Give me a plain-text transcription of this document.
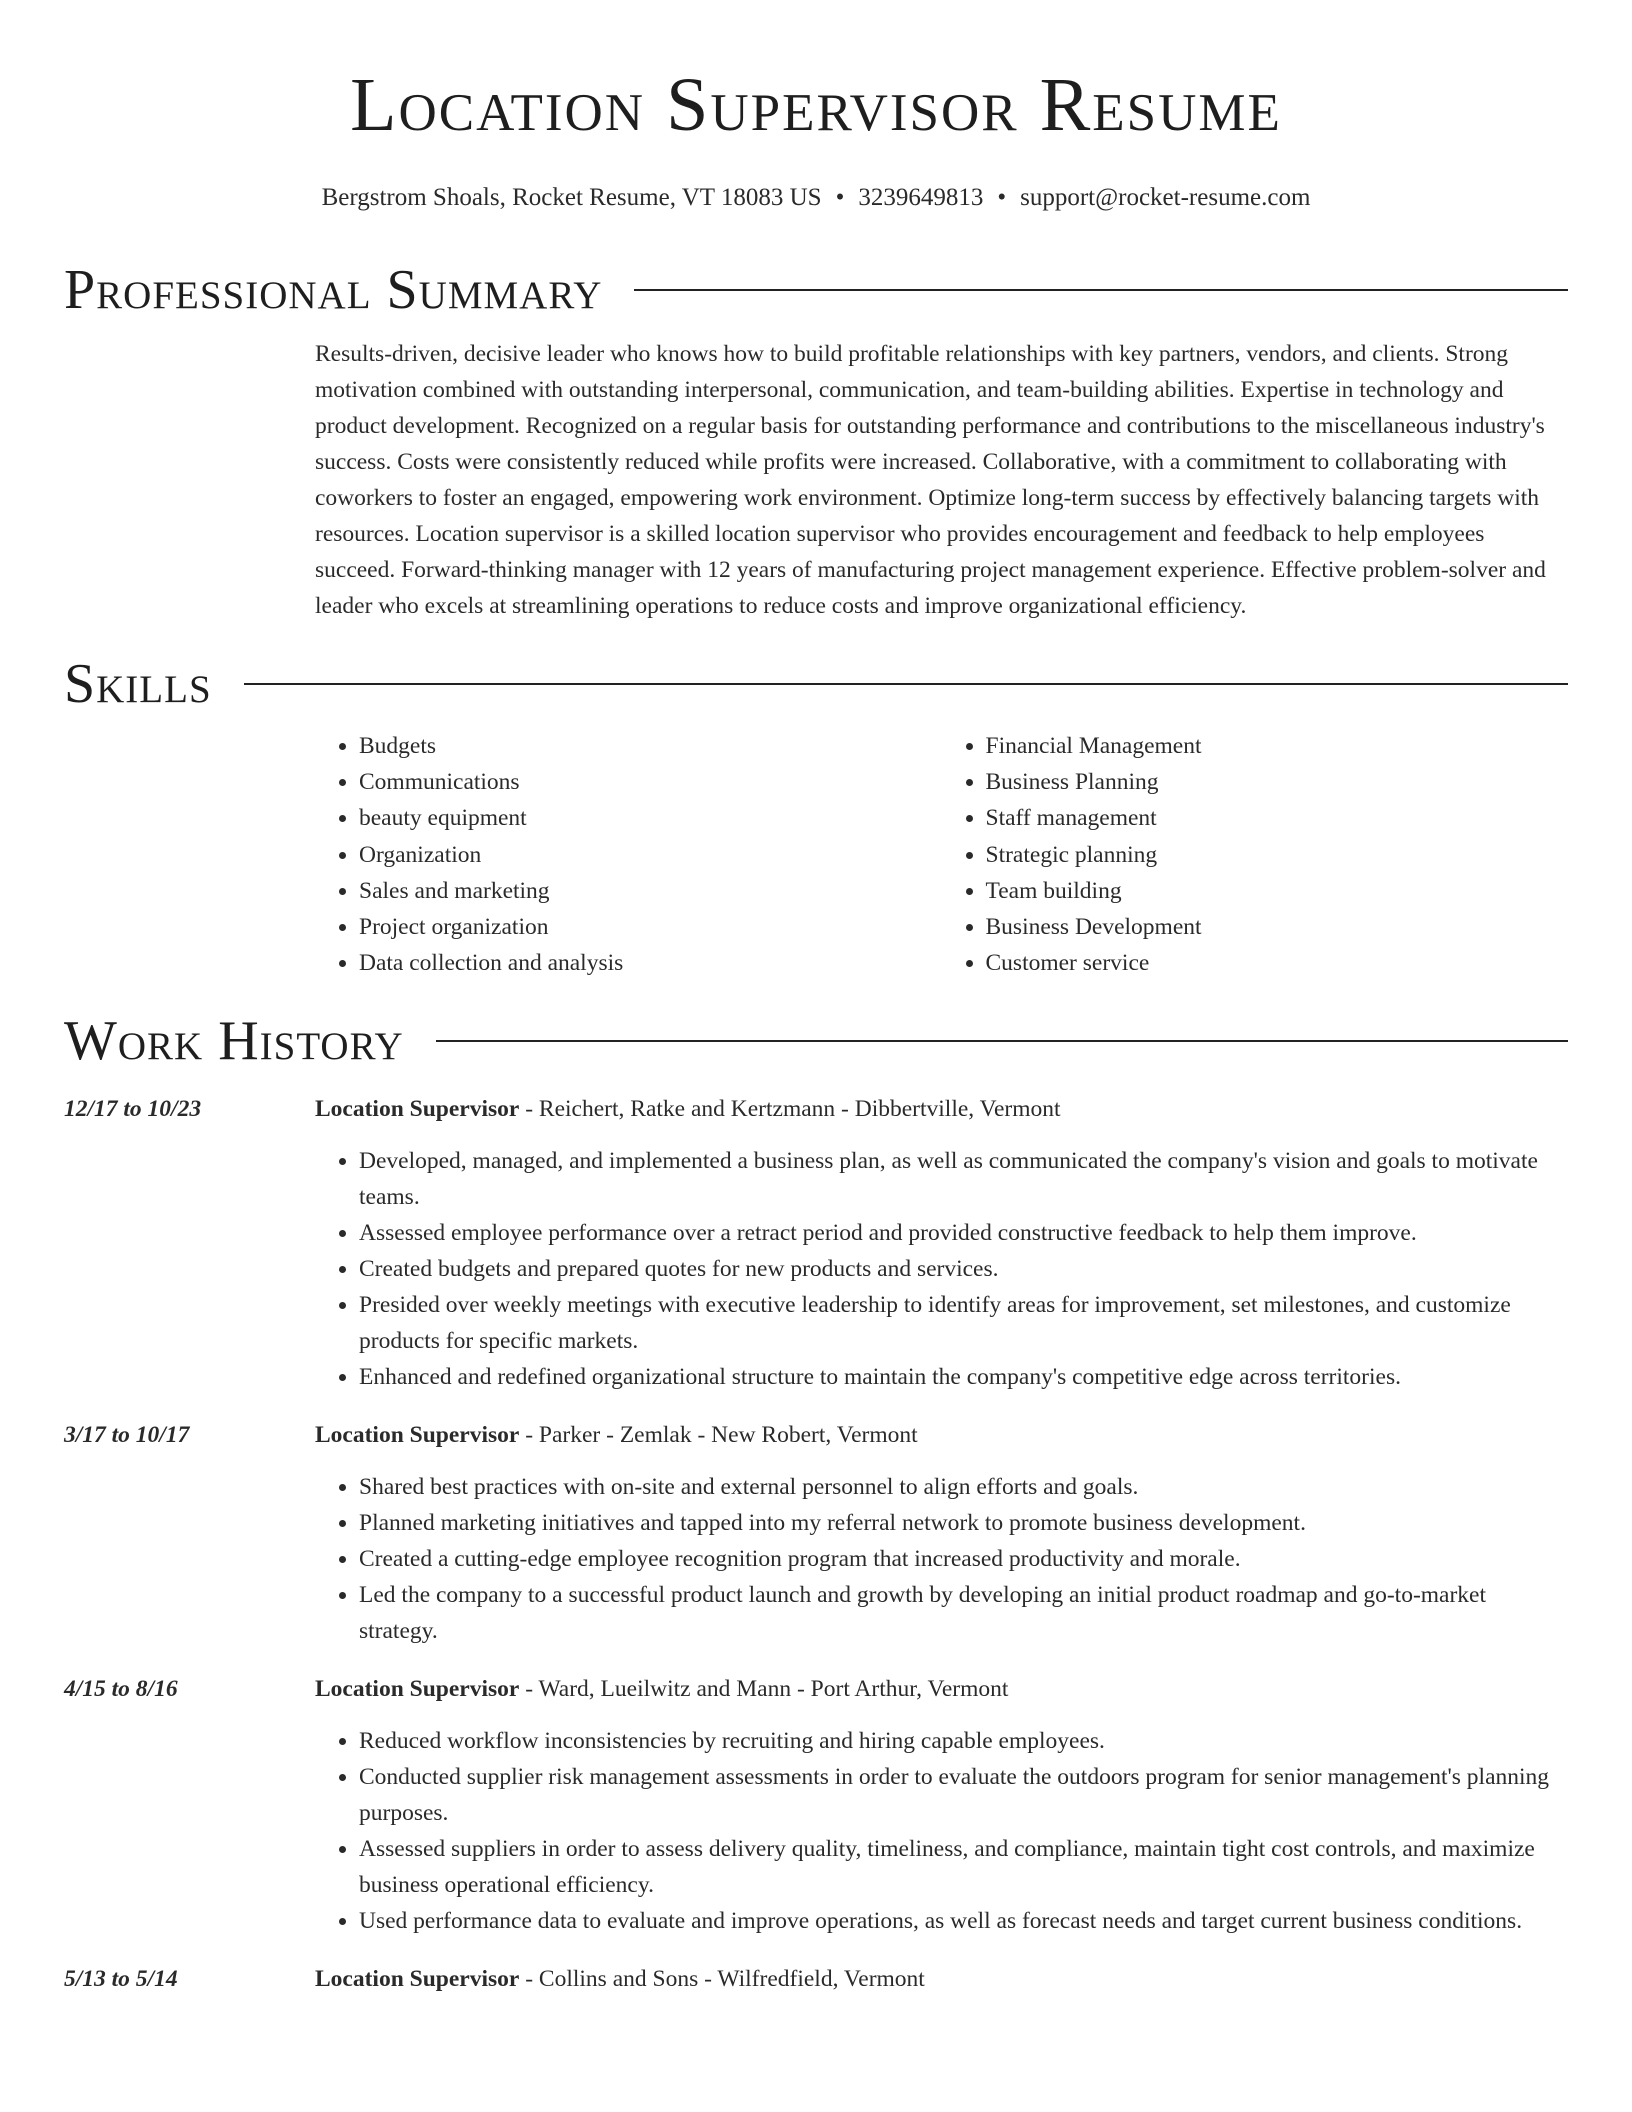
Location Supervisor Resume
Bergstrom Shoals, Rocket Resume, VT 18083 US • 3239649813 • support@rocket-resume.com
Professional Summary
Results-driven, decisive leader who knows how to build profitable relationships with key partners, vendors, and clients. Strong motivation combined with outstanding interpersonal, communication, and team-building abilities. Expertise in technology and product development. Recognized on a regular basis for outstanding performance and contributions to the miscellaneous industry's success. Costs were consistently reduced while profits were increased. Collaborative, with a commitment to collaborating with coworkers to foster an engaged, empowering work environment. Optimize long-term success by effectively balancing targets with resources. Location supervisor is a skilled location supervisor who provides encouragement and feedback to help employees succeed. Forward-thinking manager with 12 years of manufacturing project management experience. Effective problem-solver and leader who excels at streamlining operations to reduce costs and improve organizational efficiency.
Skills
• Budgets
• Communications
• beauty equipment
• Organization
• Sales and marketing
• Project organization
• Data collection and analysis
• Financial Management
• Business Planning
• Staff management
• Strategic planning
• Team building
• Business Development
• Customer service
Work History
12/17 to 10/23	Location Supervisor - Reichert, Ratke and Kertzmann - Dibbertville, Vermont

• Developed, managed, and implemented a business plan, as well as communicated the company's vision and goals to motivate teams.
• Assessed employee performance over a retract period and provided constructive feedback to help them improve.
• Created budgets and prepared quotes for new products and services.
• Presided over weekly meetings with executive leadership to identify areas for improvement, set milestones, and customize products for specific markets.
• Enhanced and redefined organizational structure to maintain the company's competitive edge across territories.
3/17 to 10/17	Location Supervisor - Parker - Zemlak - New Robert, Vermont

• Shared best practices with on-site and external personnel to align efforts and goals.
• Planned marketing initiatives and tapped into my referral network to promote business development.
• Created a cutting-edge employee recognition program that increased productivity and morale.
• Led the company to a successful product launch and growth by developing an initial product roadmap and go-to-market strategy.
4/15 to 8/16	Location Supervisor - Ward, Lueilwitz and Mann - Port Arthur, Vermont

• Reduced workflow inconsistencies by recruiting and hiring capable employees.
• Conducted supplier risk management assessments in order to evaluate the outdoors program for senior management's planning purposes.
• Assessed suppliers in order to assess delivery quality, timeliness, and compliance, maintain tight cost controls, and maximize business operational efficiency.
• Used performance data to evaluate and improve operations, as well as forecast needs and target current business conditions.
5/13 to 5/14	Location Supervisor - Collins and Sons - Wilfredfield, Vermont
